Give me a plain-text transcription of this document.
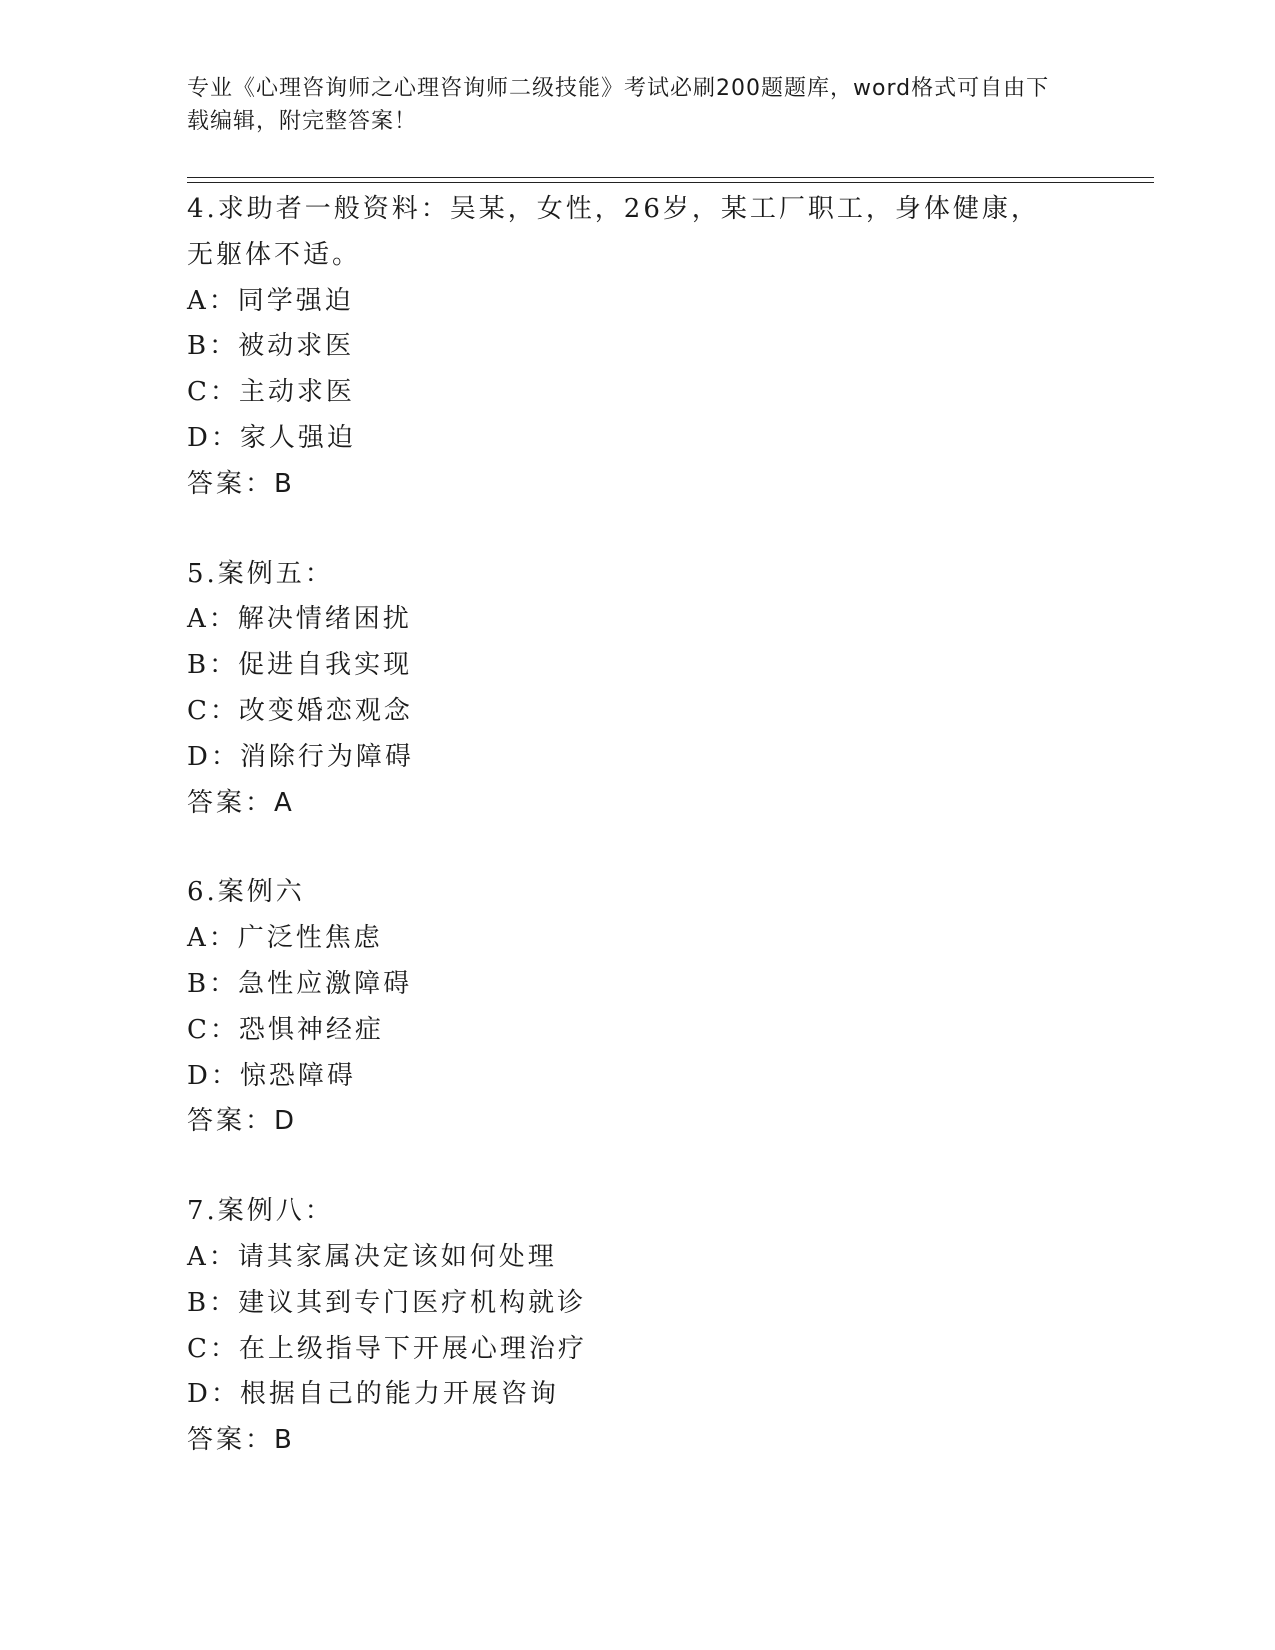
专业《心理咨询师之心理咨询师二级技能》考试必刷200题题库，word格式可自由下载编辑，附完整答案！

4.求助者一般资料：吴某，女性，26岁，某工厂职工，身体健康，无躯体不适。
A：同学强迫
B：被动求医
C：主动求医
D：家人强迫
答案：B
5.案例五：
A：解决情绪困扰
B：促进自我实现
C：改变婚恋观念
D：消除行为障碍
答案：A
6.案例六
A：广泛性焦虑
B：急性应激障碍
C：恐惧神经症
D：惊恐障碍
答案：D
7.案例八：
A：请其家属决定该如何处理
B：建议其到专门医疗机构就诊
C：在上级指导下开展心理治疗
D：根据自己的能力开展咨询
答案：B
